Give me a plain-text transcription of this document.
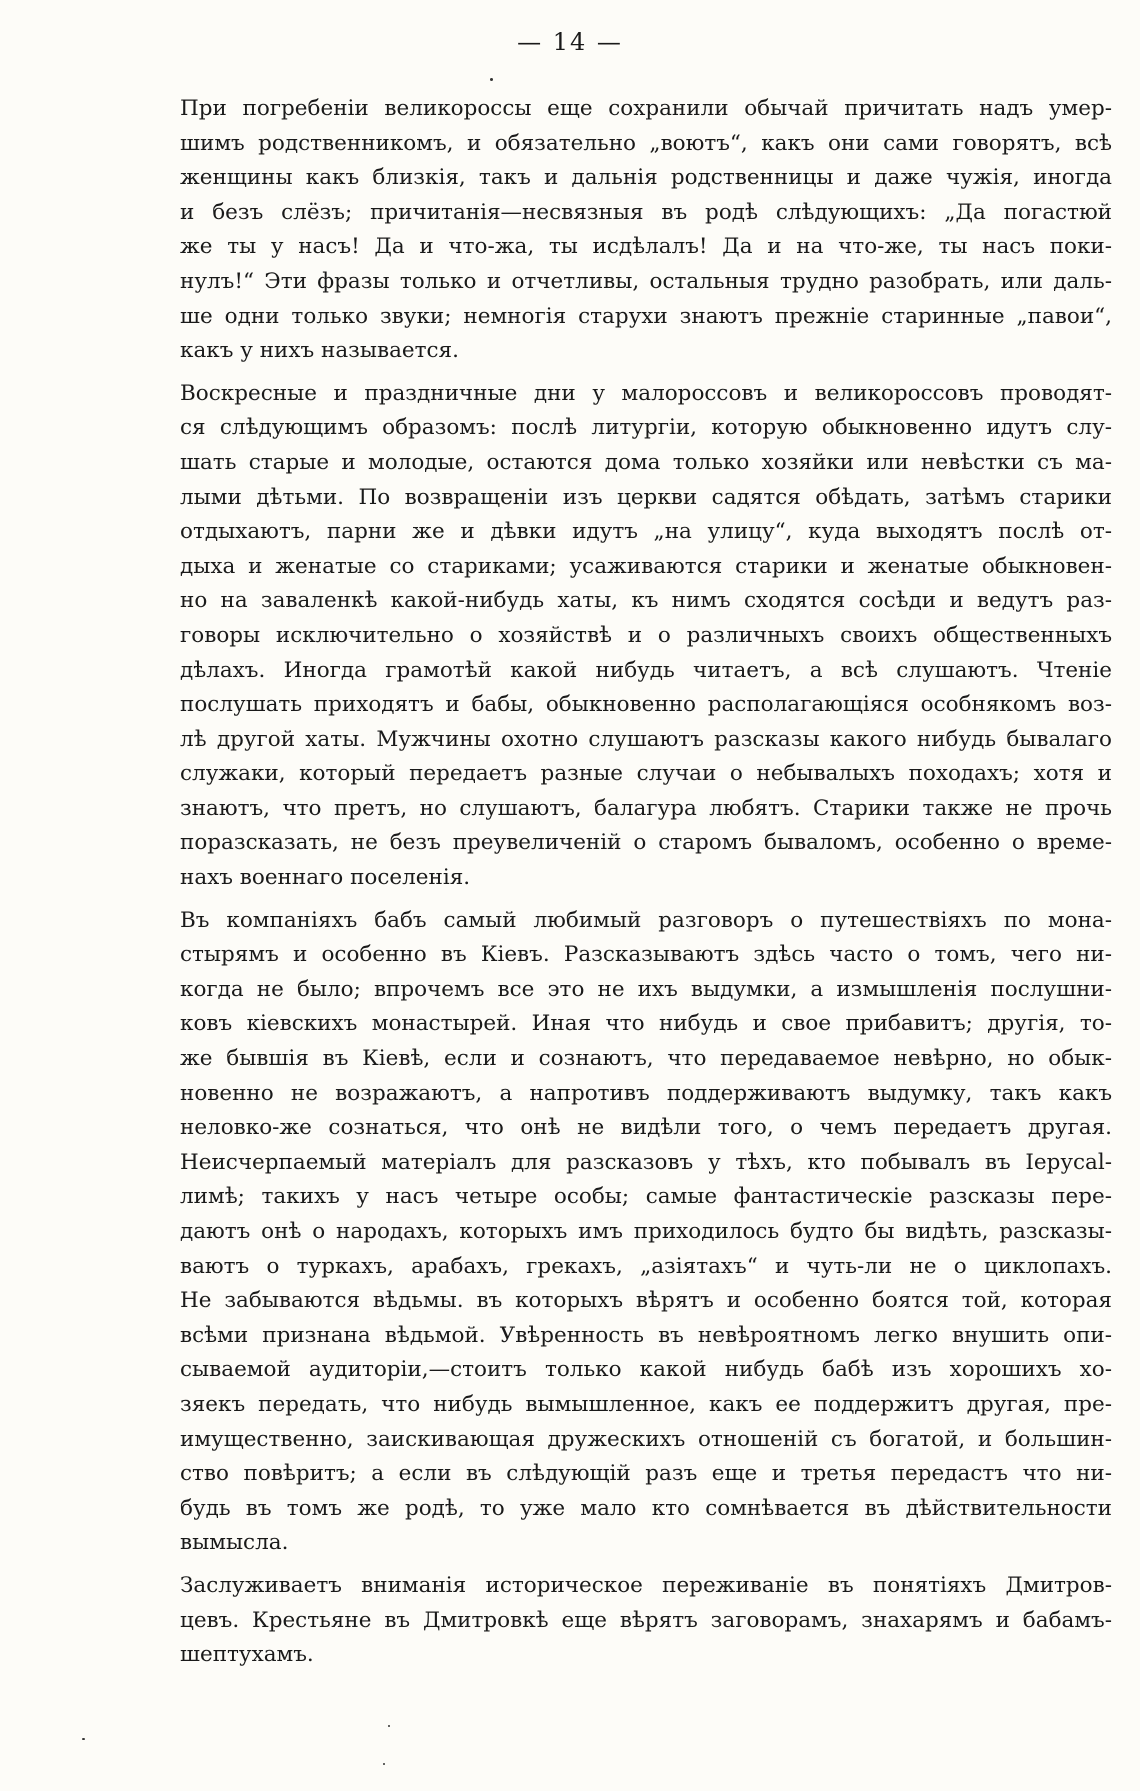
— 14 —

При погребеніи великороссы еще сохранили обычай причитать надъ умер-
шимъ родственникомъ, и обязательно „воютъ“, какъ они сами говорятъ, всѣ
женщины какъ близкія, такъ и дальнія родственницы и даже чужія, иногда
и безъ слёзъ; причитанія—несвязныя въ родѣ слѣдующихъ: „Да погастюй
же ты у насъ! Да и что-жа, ты исдѣлалъ! Да и на что-же, ты насъ поки-
нулъ!“ Эти фразы только и отчетливы, остальныя трудно разобрать, или даль-
ше одни только звуки; немногія старухи знаютъ прежніе старинные „павои“,
какъ у нихъ называется.

Воскресные и праздничные дни у малороссовъ и великороссовъ проводят-
ся слѣдующимъ образомъ: послѣ литургіи, которую обыкновенно идутъ слу-
шать старые и молодые, остаются дома только хозяйки или невѣстки съ ма-
лыми дѣтьми. По возвращеніи изъ церкви садятся обѣдать, затѣмъ старики
отдыхаютъ, парни же и дѣвки идутъ „на улицу“, куда выходятъ послѣ от-
дыха и женатые со стариками; усаживаются старики и женатые обыкновен-
но на заваленкѣ какой-нибудь хаты, къ нимъ сходятся сосѣди и ведутъ раз-
говоры исключительно о хозяйствѣ и о различныхъ своихъ общественныхъ
дѣлахъ. Иногда грамотѣй какой нибудь читаетъ, а всѣ слушаютъ. Чтеніе
послушать приходятъ и бабы, обыкновенно располагающіяся особнякомъ воз-
лѣ другой хаты. Мужчины охотно слушаютъ разсказы какого нибудь бывалаго
служаки, который передаетъ разные случаи о небывалыхъ походахъ; хотя и
знаютъ, что претъ, но слушаютъ, балагура любятъ. Старики также не прочь
поразсказать, не безъ преувеличеній о старомъ бываломъ, особенно о време-
нахъ военнаго поселенія.

Въ компаніяхъ бабъ самый любимый разговоръ о путешествіяхъ по мона-
стырямъ и особенно въ Кіевъ. Разсказываютъ здѣсь часто о томъ, чего ни-
когда не было; впрочемъ все это не ихъ выдумки, а измышленія послушни-
ковъ кіевскихъ монастырей. Иная что нибудь и свое прибавитъ; другія, то-
же бывшія въ Кіевѣ, если и сознаютъ, что передаваемое невѣрно, но обык-
новенно не возражаютъ, а напротивъ поддерживаютъ выдумку, такъ какъ
неловко-же сознаться, что онѣ не видѣли того, о чемъ передаетъ другая.
Неисчерпаемый матеріалъ для разсказовъ у тѣхъ, кто побывалъ въ Іерусаl-
лимѣ; такихъ у насъ четыре особы; самые фантастическіе разсказы пере-
даютъ онѣ о народахъ, которыхъ имъ приходилось будто бы видѣть, разсказы-
ваютъ о туркахъ, арабахъ, грекахъ, „азіятахъ“ и чуть-ли не о циклопахъ.
Не забываются вѣдьмы. въ которыхъ вѣрятъ и особенно боятся той, которая
всѣми признана вѣдьмой. Увѣренность въ невѣроятномъ легко внушить опи-
сываемой аудиторіи,—стоитъ только какой нибудь бабѣ изъ хорошихъ хо-
зяекъ передать, что нибудь вымышленное, какъ ее поддержитъ другая, пре-
имущественно, заискивающая дружескихъ отношеній съ богатой, и большин-
ство повѣритъ; а если въ слѣдующій разъ еще и третья передастъ что ни-
будь въ томъ же родѣ, то уже мало кто сомнѣвается въ дѣйствительности
вымысла.

Заслуживаетъ вниманія историческое переживаніе въ понятіяхъ Дмитров-
цевъ. Крестьяне въ Дмитровкѣ еще вѣрятъ заговорамъ, знахарямъ и бабамъ-
шептухамъ.
